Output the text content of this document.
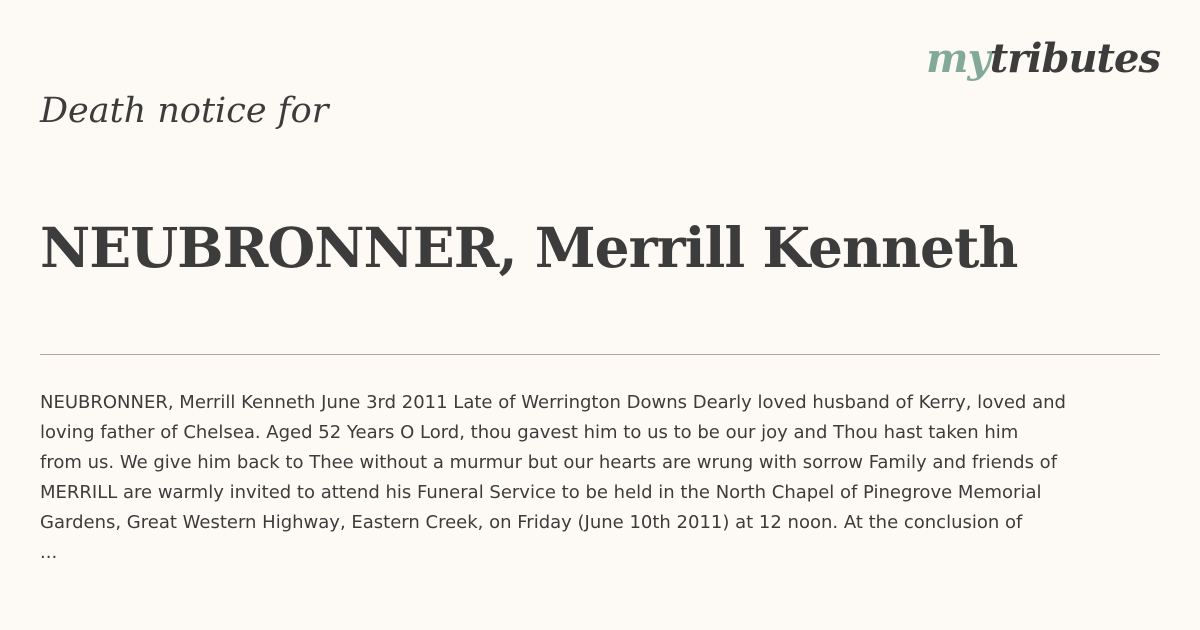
mytributes
Death notice for
NEUBRONNER, Merrill Kenneth

NEUBRONNER, Merrill Kenneth June 3rd 2011 Late of Werrington Downs Dearly loved husband of Kerry, loved and

loving father of Chelsea. Aged 52 Years O Lord, thou gavest him to us to be our joy and Thou hast taken him

from us. We give him back to Thee without a murmur but our hearts are wrung with sorrow Family and friends of

MERRILL are warmly invited to attend his Funeral Service to be held in the North Chapel of Pinegrove Memorial

Gardens, Great Western Highway, Eastern Creek, on Friday (June 10th 2011) at 12 noon. At the conclusion of

...
